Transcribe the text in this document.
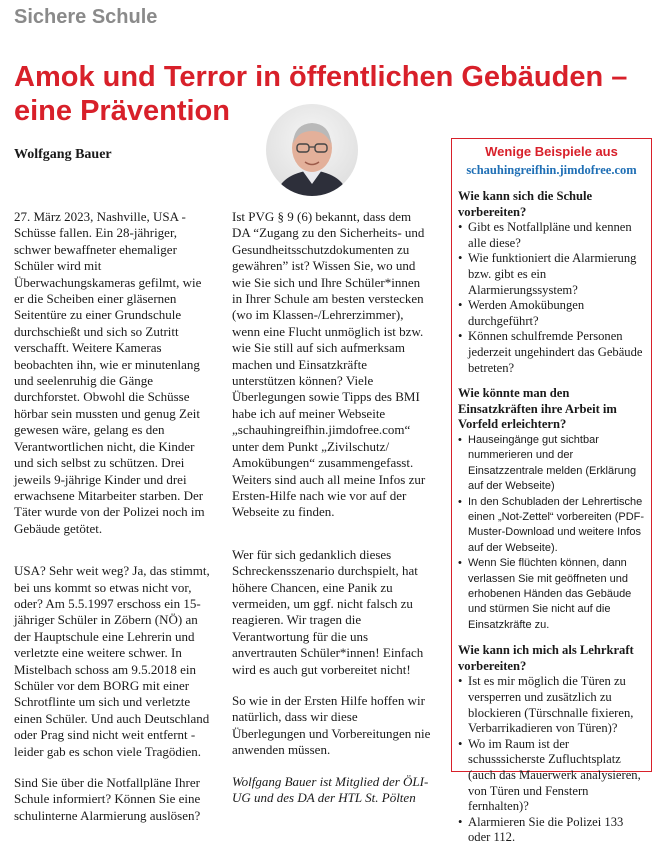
Sichere Schule
Amok und Terror in öffentlichen Gebäuden – eine Prävention
Wolfgang Bauer

27. März 2023, Nashville, USA - Schüsse fallen. Ein 28-jähriger, schwer bewaffneter ehemaliger Schüler wird mit Überwachungskameras gefilmt, wie er die Scheiben einer gläsernen Seitentüre zu einer Grundschule durchschießt und sich so Zutritt verschafft. Weitere Kameras beobachten ihn, wie er minutenlang und seelenruhig die Gänge durchforstet. Obwohl die Schüsse hörbar sein mussten und genug Zeit gewesen wäre, gelang es den Verantwortlichen nicht, die Kinder und sich selbst zu schützen. Drei jeweils 9-jährige Kinder und drei erwachsene Mitarbeiter starben. Der Täter wurde von der Polizei noch im Gebäude getötet.

USA? Sehr weit weg? Ja, das stimmt, bei uns kommt so etwas nicht vor, oder? Am 5.5.1997 erschoss ein 15-jähriger Schüler in Zöbern (NÖ) an der Hauptschule eine Lehrerin und verletzte eine weitere schwer. In Mistelbach schoss am 9.5.2018 ein Schüler vor dem BORG mit einer Schrotflinte um sich und verletzte einen Schüler. Und auch Deutschland oder Prag sind nicht weit entfernt - leider gab es schon viele Tragödien.

Sind Sie über die Notfallpläne Ihrer Schule informiert? Können Sie eine schulinterne Alarmierung auslösen?

Ist PVG § 9 (6) bekannt, dass dem DA “Zugang zu den Sicherheits- und Gesundheitsschutzdokumenten zu gewähren” ist? Wissen Sie, wo und wie Sie sich und Ihre Schüler*innen in Ihrer Schule am besten verstecken (wo im Klassen-/Lehrerzimmer), wenn eine Flucht unmöglich ist bzw. wie Sie still auf sich aufmerksam machen und Einsatzkräfte unterstützen können? Viele Überlegungen sowie Tipps des BMI habe ich auf meiner Webseite „schauhingreifhin.jimdofree.com“ unter dem Punkt „Zivilschutz/ Amokübungen“ zusammengefasst. Weiters sind auch all meine Infos zur Ersten-Hilfe nach wie vor auf der Webseite zu finden.

Wer für sich gedanklich dieses Schreckensszenario durchspielt, hat höhere Chancen, eine Panik zu vermeiden, um ggf. nicht falsch zu reagieren. Wir tragen die Verantwortung für die uns anvertrauten Schüler*innen! Einfach wird es auch gut vorbereitet nicht!

So wie in der Ersten Hilfe hoffen wir natürlich, dass wir diese Überlegungen und Vorbereitungen nie anwenden müssen.

Wolfgang Bauer ist Mitglied der ÖLI-UG und des DA der HTL St. Pölten

Wenige Beispiele aus
schauhingreifhin.jimdofree.com

Wie kann sich die Schule vorbereiten?

• Gibt es Notfallpläne und kennen alle diese?
• Wie funktioniert die Alarmierung bzw. gibt es ein Alarmierungssystem?
• Werden Amokübungen durchgeführt?
• Können schulfremde Personen jederzeit ungehindert das Gebäude betreten?

Wie könnte man den Einsatzkräften ihre Arbeit im Vorfeld erleichtern?

• Hauseingänge gut sichtbar nummerieren und der Einsatzzentrale melden (Erklärung auf der Webseite)
• In den Schubladen der Lehrertische einen „Not-Zettel“ vorbereiten (PDF-Muster-Download und weitere Infos auf der Webseite).
• Wenn Sie flüchten können, dann verlassen Sie mit geöffneten und erhobenen Händen das Gebäude und stürmen Sie nicht auf die Einsatzkräfte zu.

Wie kann ich mich als Lehrkraft vorbereiten?

• Ist es mir möglich die Türen zu versperren und zusätzlich zu blockieren (Türschnalle fixieren, Verbarrikadieren von Türen)?
• Wo im Raum ist der schusssicherste Zufluchtsplatz (auch das Mauerwerk analysieren, von Türen und Fenstern fernhalten)?
• Alarmieren Sie die Polizei 133 oder 112.
